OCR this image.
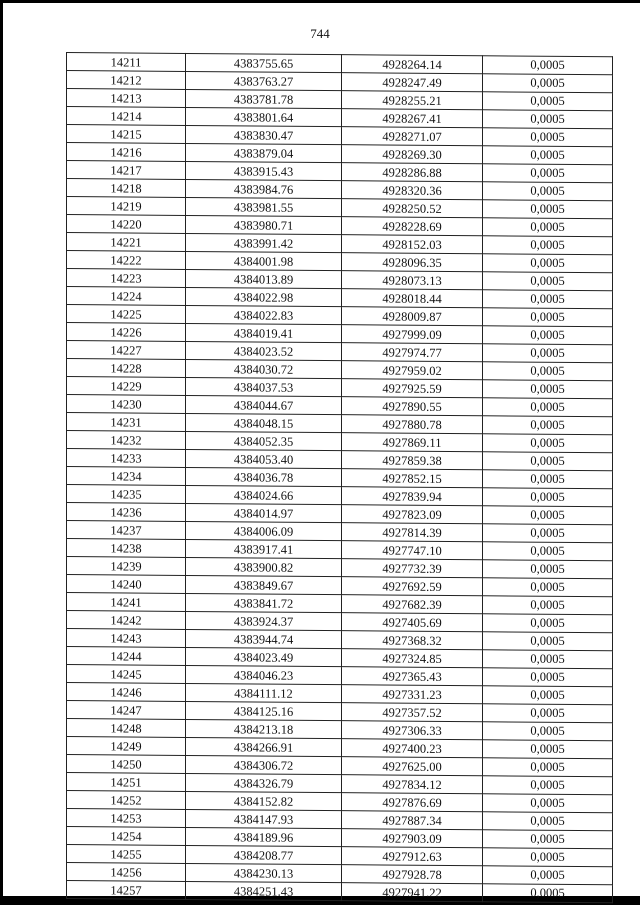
744
14211	4383755.65	4928264.14	0,0005
14212	4383763.27	4928247.49	0,0005
14213	4383781.78	4928255.21	0,0005
14214	4383801.64	4928267.41	0,0005
14215	4383830.47	4928271.07	0,0005
14216	4383879.04	4928269.30	0,0005
14217	4383915.43	4928286.88	0,0005
14218	4383984.76	4928320.36	0,0005
14219	4383981.55	4928250.52	0,0005
14220	4383980.71	4928228.69	0,0005
14221	4383991.42	4928152.03	0,0005
14222	4384001.98	4928096.35	0,0005
14223	4384013.89	4928073.13	0,0005
14224	4384022.98	4928018.44	0,0005
14225	4384022.83	4928009.87	0,0005
14226	4384019.41	4927999.09	0,0005
14227	4384023.52	4927974.77	0,0005
14228	4384030.72	4927959.02	0,0005
14229	4384037.53	4927925.59	0,0005
14230	4384044.67	4927890.55	0,0005
14231	4384048.15	4927880.78	0,0005
14232	4384052.35	4927869.11	0,0005
14233	4384053.40	4927859.38	0,0005
14234	4384036.78	4927852.15	0,0005
14235	4384024.66	4927839.94	0,0005
14236	4384014.97	4927823.09	0,0005
14237	4384006.09	4927814.39	0,0005
14238	4383917.41	4927747.10	0,0005
14239	4383900.82	4927732.39	0,0005
14240	4383849.67	4927692.59	0,0005
14241	4383841.72	4927682.39	0,0005
14242	4383924.37	4927405.69	0,0005
14243	4383944.74	4927368.32	0,0005
14244	4384023.49	4927324.85	0,0005
14245	4384046.23	4927365.43	0,0005
14246	4384111.12	4927331.23	0,0005
14247	4384125.16	4927357.52	0,0005
14248	4384213.18	4927306.33	0,0005
14249	4384266.91	4927400.23	0,0005
14250	4384306.72	4927625.00	0,0005
14251	4384326.79	4927834.12	0,0005
14252	4384152.82	4927876.69	0,0005
14253	4384147.93	4927887.34	0,0005
14254	4384189.96	4927903.09	0,0005
14255	4384208.77	4927912.63	0,0005
14256	4384230.13	4927928.78	0,0005
14257	4384251.43	4927941.22	0,0005
